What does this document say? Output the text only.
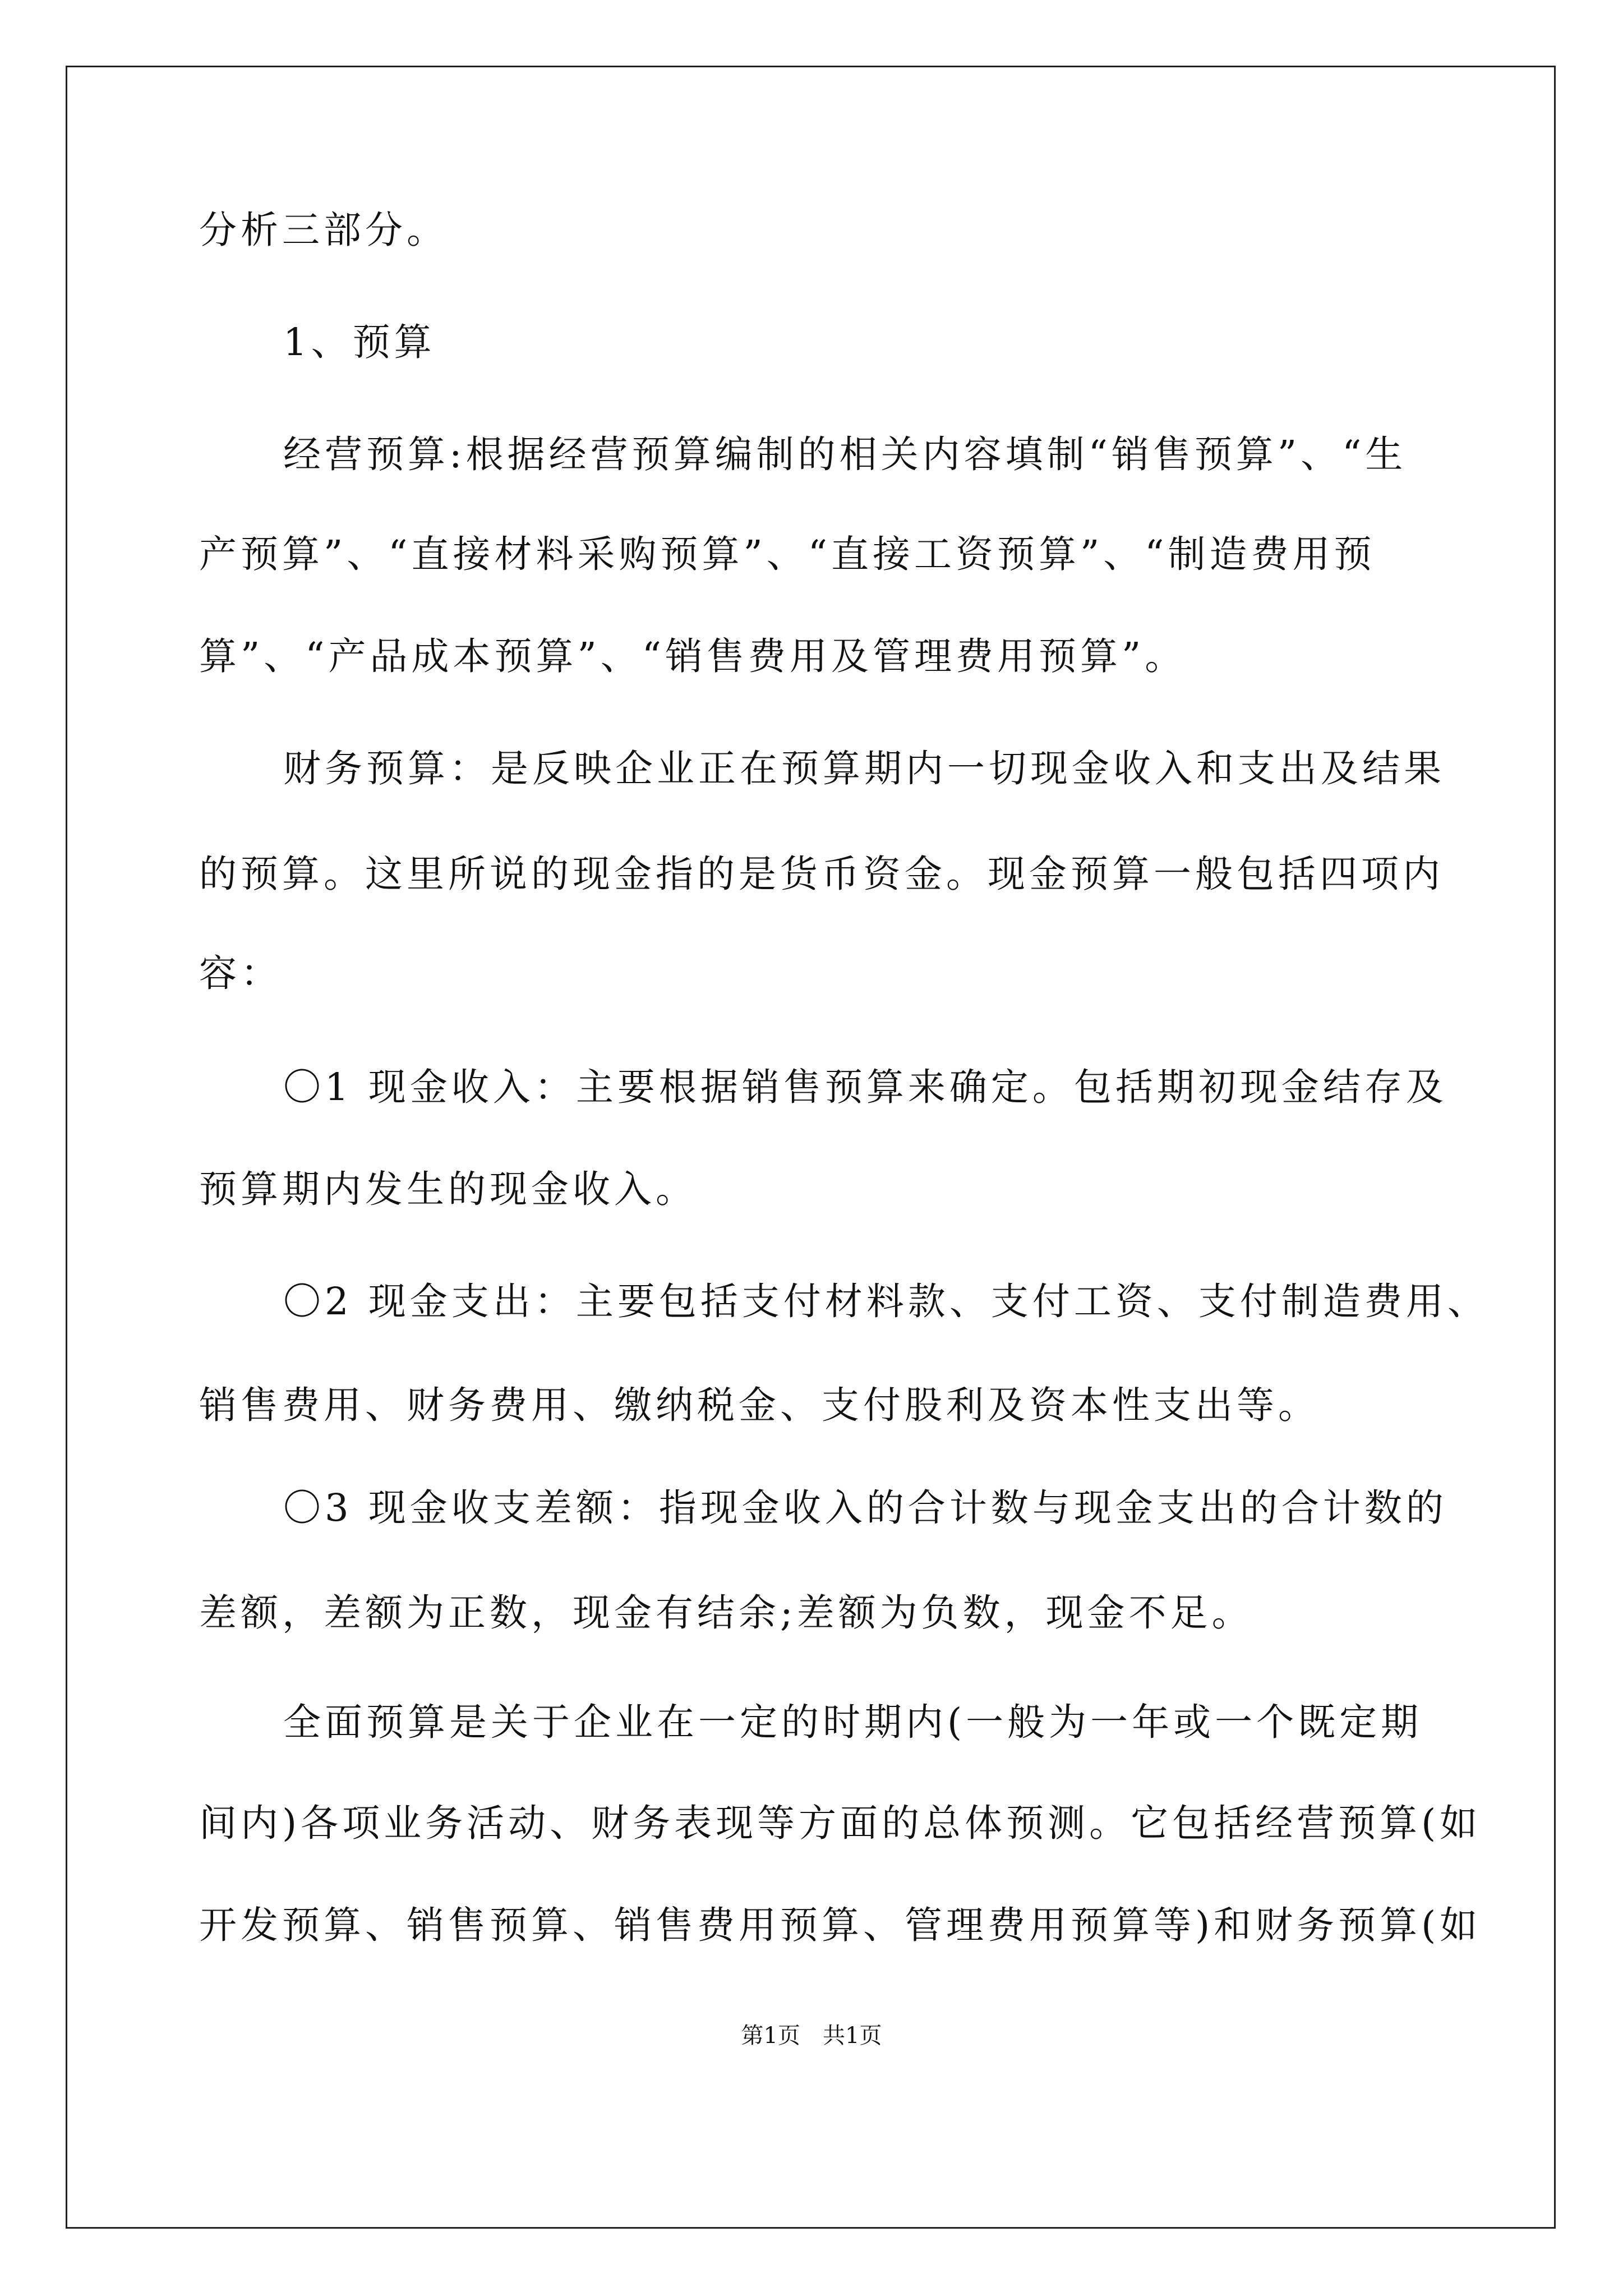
分析三部分。
1、预算
经营预算:根据经营预算编制的相关内容填制“销售预算”、“生
产预算”、“直接材料采购预算”、“直接工资预算”、“制造费用预
算”、“产品成本预算”、“销售费用及管理费用预算”。
财务预算：是反映企业正在预算期内一切现金收入和支出及结果
的预算。这里所说的现金指的是货币资金。现金预算一般包括四项内
容：
〇1 现金收入：主要根据销售预算来确定。包括期初现金结存及
预算期内发生的现金收入。
〇2 现金支出：主要包括支付材料款、支付工资、支付制造费用、
销售费用、财务费用、缴纳税金、支付股利及资本性支出等。
〇3 现金收支差额：指现金收入的合计数与现金支出的合计数的
差额，差额为正数，现金有结余;差额为负数，现金不足。
全面预算是关于企业在一定的时期内(一般为一年或一个既定期
间内)各项业务活动、财务表现等方面的总体预测。它包括经营预算(如
开发预算、销售预算、销售费用预算、管理费用预算等)和财务预算(如
第1页　共1页
